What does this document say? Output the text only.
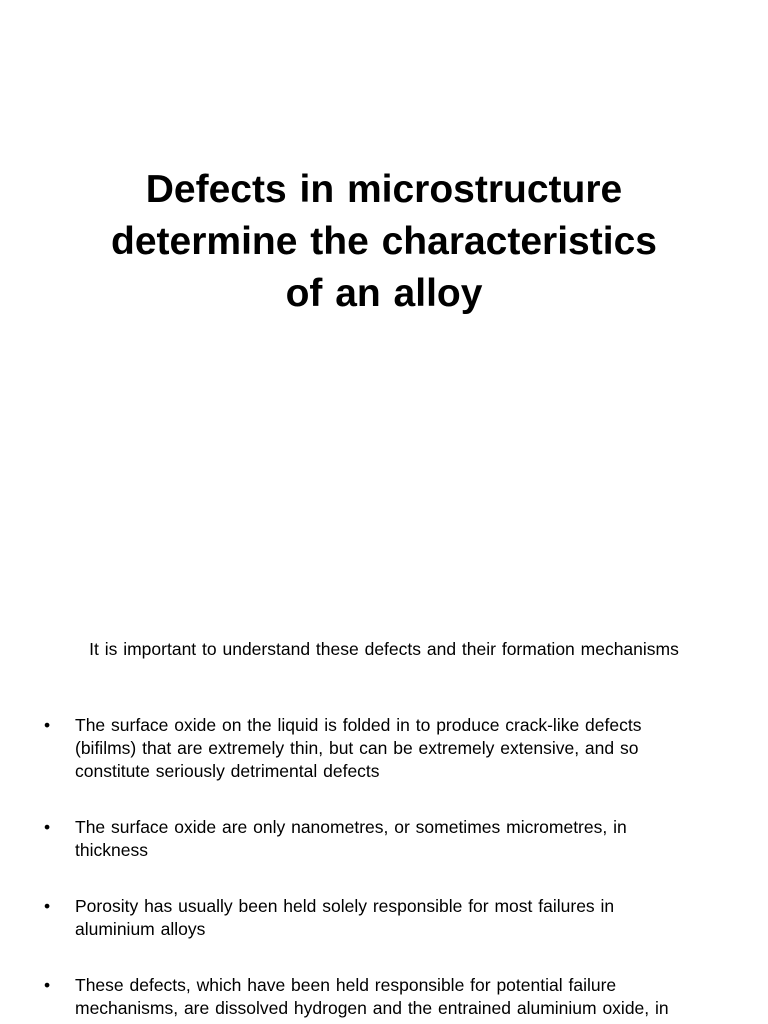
Defects in microstructure
determine the characteristics
of an alloy
It is important to understand these defects and their formation mechanisms
• The surface oxide on the liquid is folded in to produce crack-like defects
(bifilms) that are extremely thin, but can be extremely extensive, and so
constitute seriously detrimental defects
• The surface oxide are only nanometres, or sometimes micrometres, in
thickness
• Porosity has usually been held solely responsible for most failures in
aluminium alloys
• These defects, which have been held responsible for potential failure
mechanisms, are dissolved hydrogen and the entrained aluminium oxide, in
